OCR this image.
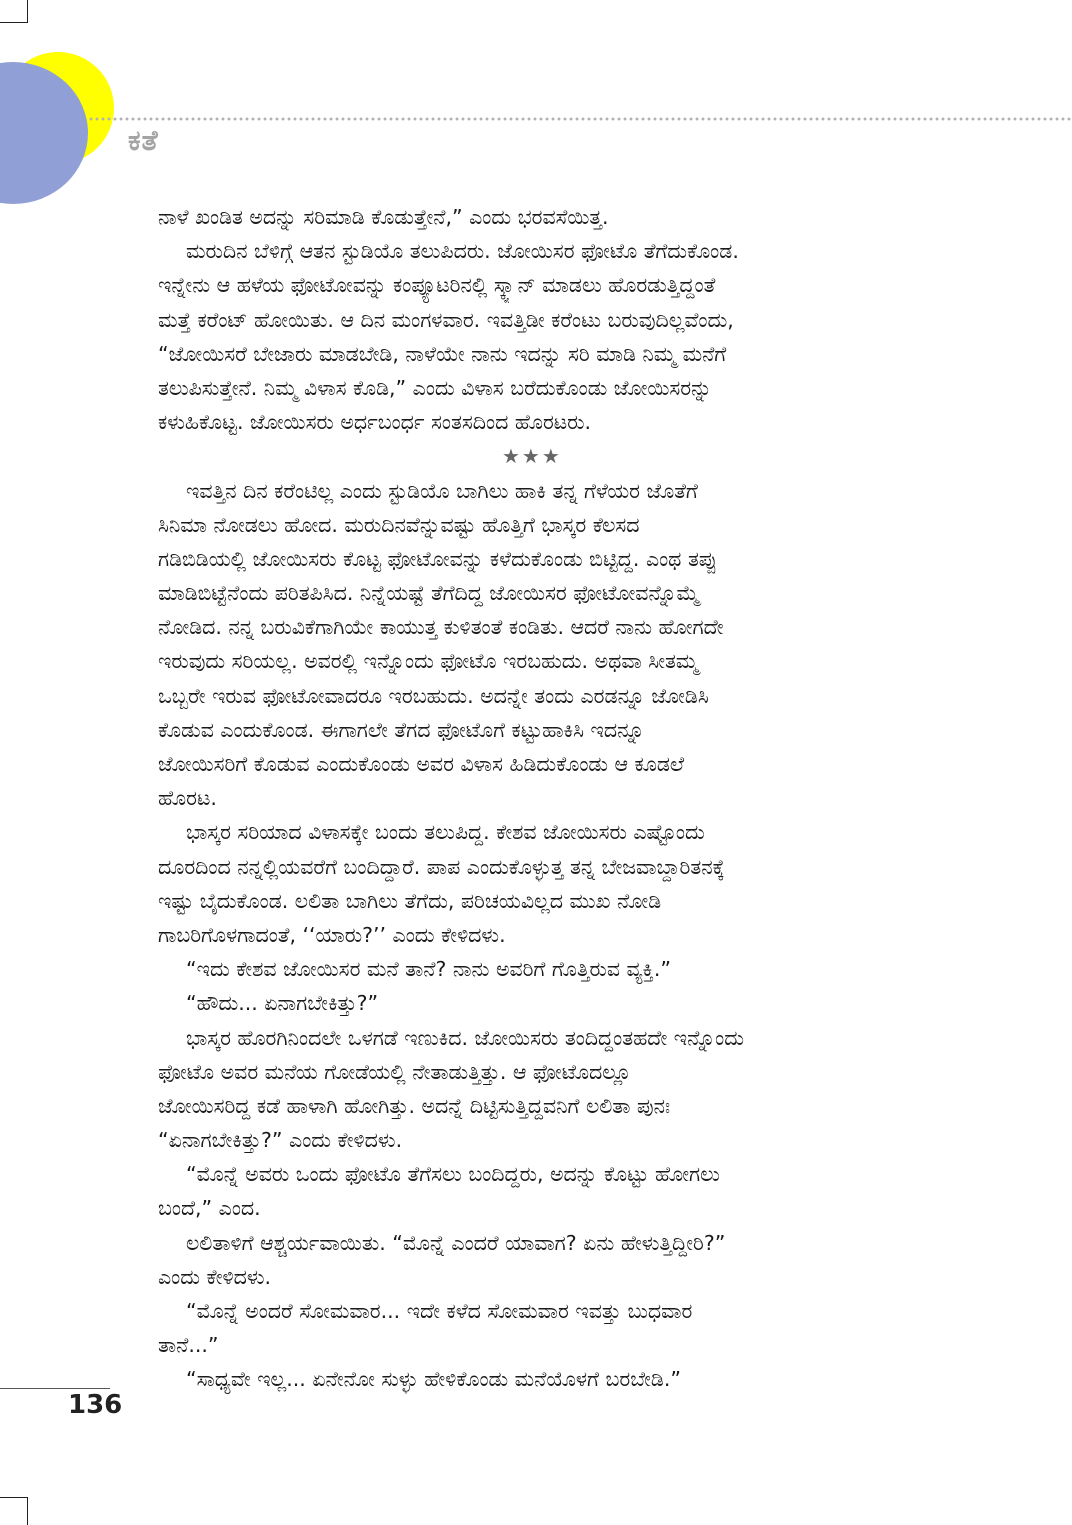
ಕತೆ
ನಾಳೆ ಖಂಡಿತ ಅದನ್ನು ಸರಿಮಾಡಿ ಕೊಡುತ್ತೇನೆ,” ಎಂದು ಭರವಸೆಯಿತ್ತ.
ಮರುದಿನ ಬೆಳಿಗ್ಗೆ ಆತನ ಸ್ಟುಡಿಯೊ ತಲುಪಿದರು. ಜೋಯಿಸರ ಫೋಟೊ ತೆಗೆದುಕೊಂಡ.
ಇನ್ನೇನು ಆ ಹಳೆಯ ಫೋಟೋವನ್ನು ಕಂಪ್ಯೂಟರಿನಲ್ಲಿ ಸ್ಕ್ಯಾನ್ ಮಾಡಲು ಹೊರಡುತ್ತಿದ್ದಂತೆ
ಮತ್ತೆ ಕರೆಂಟ್ ಹೋಯಿತು. ಆ ದಿನ ಮಂಗಳವಾರ. ಇವತ್ತಿಡೀ ಕರೆಂಟು ಬರುವುದಿಲ್ಲವೆಂದು,
“ಜೋಯಿಸರೆ ಬೇಜಾರು ಮಾಡಬೇಡಿ, ನಾಳೆಯೇ ನಾನು ಇದನ್ನು ಸರಿ ಮಾಡಿ ನಿಮ್ಮ ಮನೆಗೆ
ತಲುಪಿಸುತ್ತೇನೆ. ನಿಮ್ಮ ವಿಳಾಸ ಕೊಡಿ,” ಎಂದು ವಿಳಾಸ ಬರೆದುಕೊಂಡು ಜೋಯಿಸರನ್ನು
ಕಳುಹಿಕೊಟ್ಟ. ಜೋಯಿಸರು ಅರ್ಧಬಂರ್ಧ ಸಂತಸದಿಂದ ಹೊರಟರು.
★★★
ಇವತ್ತಿನ ದಿನ ಕರೆಂಟಿಲ್ಲ ಎಂದು ಸ್ಟುಡಿಯೊ ಬಾಗಿಲು ಹಾಕಿ ತನ್ನ ಗೆಳೆಯರ ಜೊತೆಗೆ
ಸಿನಿಮಾ ನೋಡಲು ಹೋದ. ಮರುದಿನವೆನ್ನುವಷ್ಟು ಹೊತ್ತಿಗೆ ಭಾಸ್ಕರ ಕೆಲಸದ
ಗಡಿಬಿಡಿಯಲ್ಲಿ ಜೋಯಿಸರು ಕೊಟ್ಟ ಫೋಟೋವನ್ನು ಕಳೆದುಕೊಂಡು ಬಿಟ್ಟಿದ್ದ. ಎಂಥ ತಪ್ಪು
ಮಾಡಿಬಿಟ್ಟೆನೆಂದು ಪರಿತಪಿಸಿದ. ನಿನ್ನೆಯಷ್ಟೆ ತೆಗೆದಿದ್ದ ಜೋಯಿಸರ ಫೋಟೋವನ್ನೊಮ್ಮೆ
ನೋಡಿದ. ನನ್ನ ಬರುವಿಕೆಗಾಗಿಯೇ ಕಾಯುತ್ತ ಕುಳಿತಂತೆ ಕಂಡಿತು. ಆದರೆ ನಾನು ಹೋಗದೇ
ಇರುವುದು ಸರಿಯಲ್ಲ. ಅವರಲ್ಲಿ ಇನ್ನೊಂದು ಫೋಟೊ ಇರಬಹುದು. ಅಥವಾ ಸೀತಮ್ಮ
ಒಬ್ಬರೇ ಇರುವ ಫೋಟೋವಾದರೂ ಇರಬಹುದು. ಅದನ್ನೇ ತಂದು ಎರಡನ್ನೂ ಜೋಡಿಸಿ
ಕೊಡುವ ಎಂದುಕೊಂಡ. ಈಗಾಗಲೇ ತೆಗದ ಫೋಟೊಗೆ ಕಟ್ಟುಹಾಕಿಸಿ ಇದನ್ನೂ
ಜೋಯಿಸರಿಗೆ ಕೊಡುವ ಎಂದುಕೊಂಡು ಅವರ ವಿಳಾಸ ಹಿಡಿದುಕೊಂಡು ಆ ಕೂಡಲೆ
ಹೊರಟ.
ಭಾಸ್ಕರ ಸರಿಯಾದ ವಿಳಾಸಕ್ಕೇ ಬಂದು ತಲುಪಿದ್ದ. ಕೇಶವ ಜೋಯಿಸರು ಎಷ್ಟೊಂದು
ದೂರದಿಂದ ನನ್ನಲ್ಲಿಯವರೆಗೆ ಬಂದಿದ್ದಾರೆ. ಪಾಪ ಎಂದುಕೊಳ್ಳುತ್ತ ತನ್ನ ಬೇಜವಾಬ್ದಾರಿತನಕ್ಕೆ
ಇಷ್ಟು ಬೈದುಕೊಂಡ. ಲಲಿತಾ ಬಾಗಿಲು ತೆಗೆದು, ಪರಿಚಯವಿಲ್ಲದ ಮುಖ ನೋಡಿ
ಗಾಬರಿಗೊಳಗಾದಂತೆ, ‘‘ಯಾರು?’’ ಎಂದು ಕೇಳಿದಳು.
“ಇದು ಕೇಶವ ಜೋಯಿಸರ ಮನೆ ತಾನೆ? ನಾನು ಅವರಿಗೆ ಗೊತ್ತಿರುವ ವ್ಯಕ್ತಿ.”
“ಹೌದು... ಏನಾಗಬೇಕಿತ್ತು?”
ಭಾಸ್ಕರ ಹೊರಗಿನಿಂದಲೇ ಒಳಗಡೆ ಇಣುಕಿದ. ಜೋಯಿಸರು ತಂದಿದ್ದಂತಹದೇ ಇನ್ನೊಂದು
ಫೋಟೊ ಅವರ ಮನೆಯ ಗೋಡೆಯಲ್ಲಿ ನೇತಾಡುತ್ತಿತ್ತು. ಆ ಫೋಟೊದಲ್ಲೂ
ಜೋಯಿಸರಿದ್ದ ಕಡೆ ಹಾಳಾಗಿ ಹೋಗಿತ್ತು. ಅದನ್ನೆ ದಿಟ್ಟಿಸುತ್ತಿದ್ದವನಿಗೆ ಲಲಿತಾ ಪುನಃ
“ಏನಾಗಬೇಕಿತ್ತು?” ಎಂದು ಕೇಳಿದಳು.
“ಮೊನ್ನೆ ಅವರು ಒಂದು ಫೋಟೊ ತೆಗೆಸಲು ಬಂದಿದ್ದರು, ಅದನ್ನು ಕೊಟ್ಟು ಹೋಗಲು
ಬಂದೆ,” ಎಂದ.
ಲಲಿತಾಳಿಗೆ ಆಶ್ಚರ್ಯವಾಯಿತು. “ಮೊನ್ನೆ ಎಂದರೆ ಯಾವಾಗ? ಏನು ಹೇಳುತ್ತಿದ್ದೀರಿ?”
ಎಂದು ಕೇಳಿದಳು.
“ಮೊನ್ನೆ ಅಂದರೆ ಸೋಮವಾರ... ಇದೇ ಕಳೆದ ಸೋಮವಾರ ಇವತ್ತು ಬುಧವಾರ
ತಾನೆ...”
“ಸಾಧ್ಯವೇ ಇಲ್ಲ... ಏನೇನೋ ಸುಳ್ಳು ಹೇಳಿಕೊಂಡು ಮನೆಯೊಳಗೆ ಬರಬೇಡಿ.”
136
